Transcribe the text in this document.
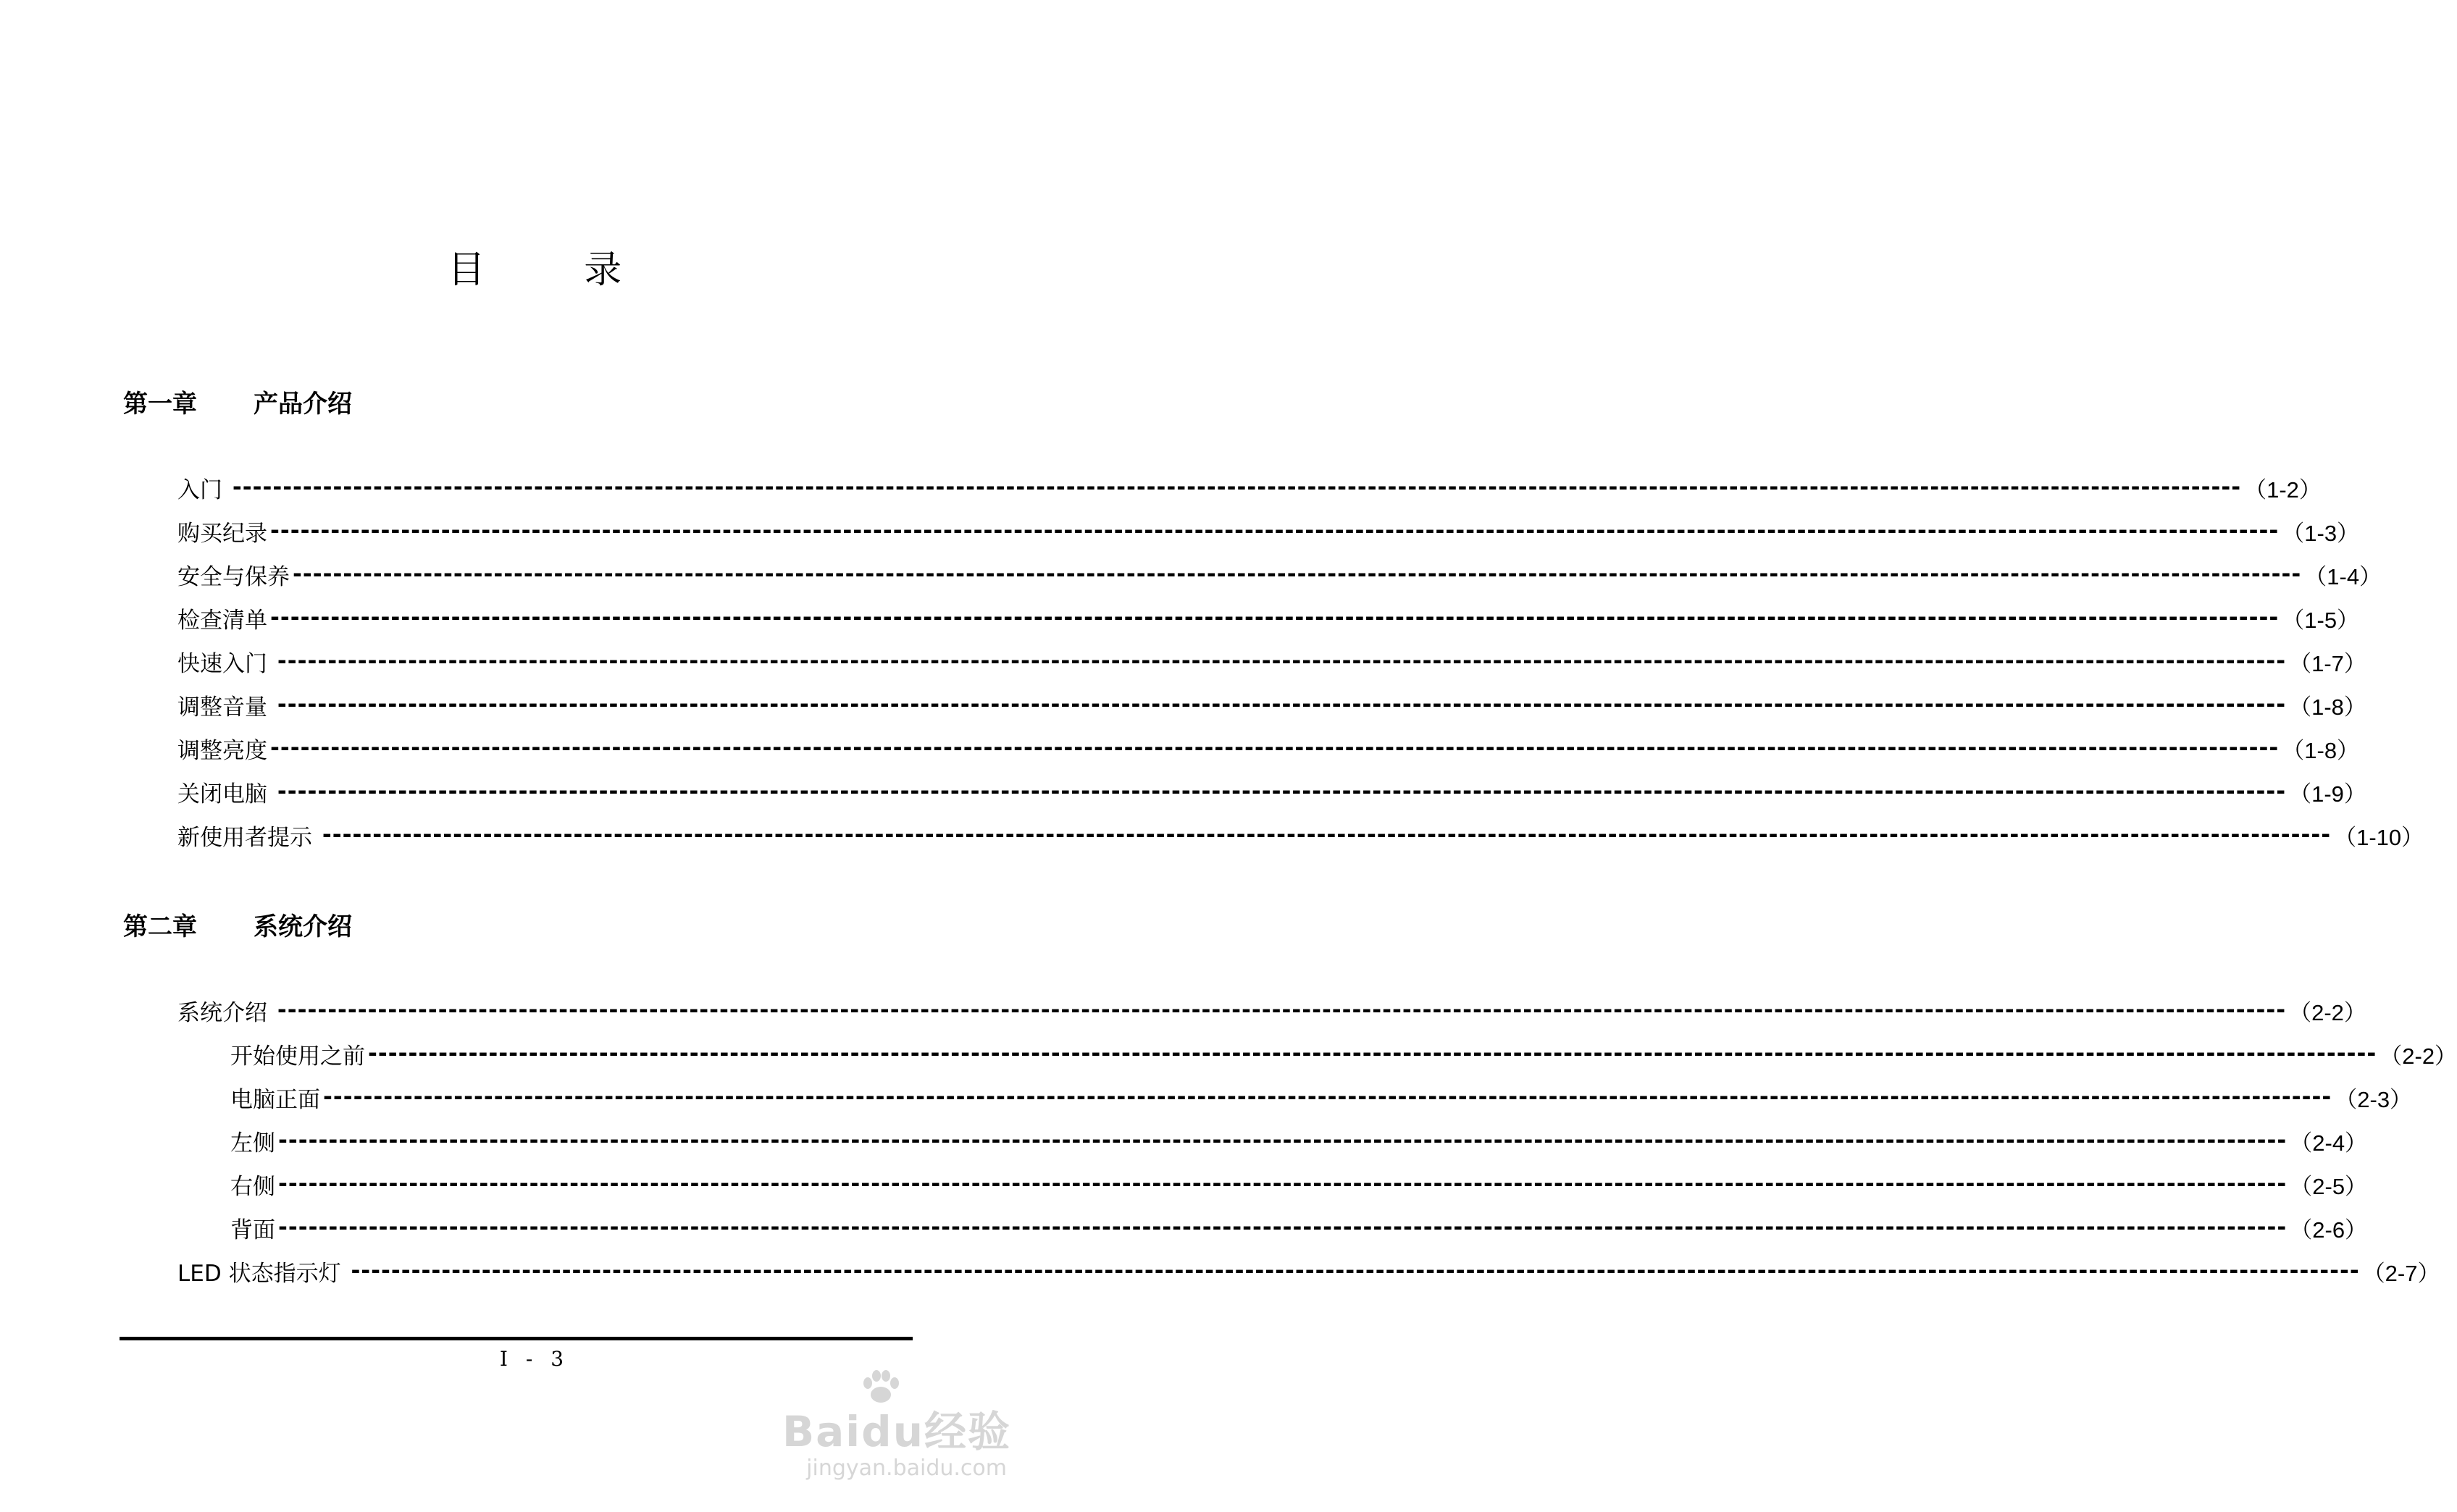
目 录
第一章 产品介绍
入门 -------------------------------------------------------------------------------------------------------------------------------------------------------------------------------------------------------- （1-2）
购买纪录 -------------------------------------------------------------------------------------------------------------------------------------------------------------------------------------------------------- （1-3）
安全与保养 -------------------------------------------------------------------------------------------------------------------------------------------------------------------------------------------------------- （1-4）
检查清单 -------------------------------------------------------------------------------------------------------------------------------------------------------------------------------------------------------- （1-5）
快速入门 -------------------------------------------------------------------------------------------------------------------------------------------------------------------------------------------------------- （1-7）
调整音量 -------------------------------------------------------------------------------------------------------------------------------------------------------------------------------------------------------- （1-8）
调整亮度 -------------------------------------------------------------------------------------------------------------------------------------------------------------------------------------------------------- （1-8）
关闭电脑 -------------------------------------------------------------------------------------------------------------------------------------------------------------------------------------------------------- （1-9）
新使用者提示 -------------------------------------------------------------------------------------------------------------------------------------------------------------------------------------------------------- （1-10）
第二章 系统介绍
系统介绍 -------------------------------------------------------------------------------------------------------------------------------------------------------------------------------------------------------- （2-2）
开始使用之前 -------------------------------------------------------------------------------------------------------------------------------------------------------------------------------------------------------- （2-2）
电脑正面 -------------------------------------------------------------------------------------------------------------------------------------------------------------------------------------------------------- （2-3）
左侧 -------------------------------------------------------------------------------------------------------------------------------------------------------------------------------------------------------- （2-4）
右侧 -------------------------------------------------------------------------------------------------------------------------------------------------------------------------------------------------------- （2-5）
背面 -------------------------------------------------------------------------------------------------------------------------------------------------------------------------------------------------------- （2-6）
LED 状态指示灯 -------------------------------------------------------------------------------------------------------------------------------------------------------------------------------------------------------- （2-7）
I - 3
Baidu经验
jingyan.baidu.com
